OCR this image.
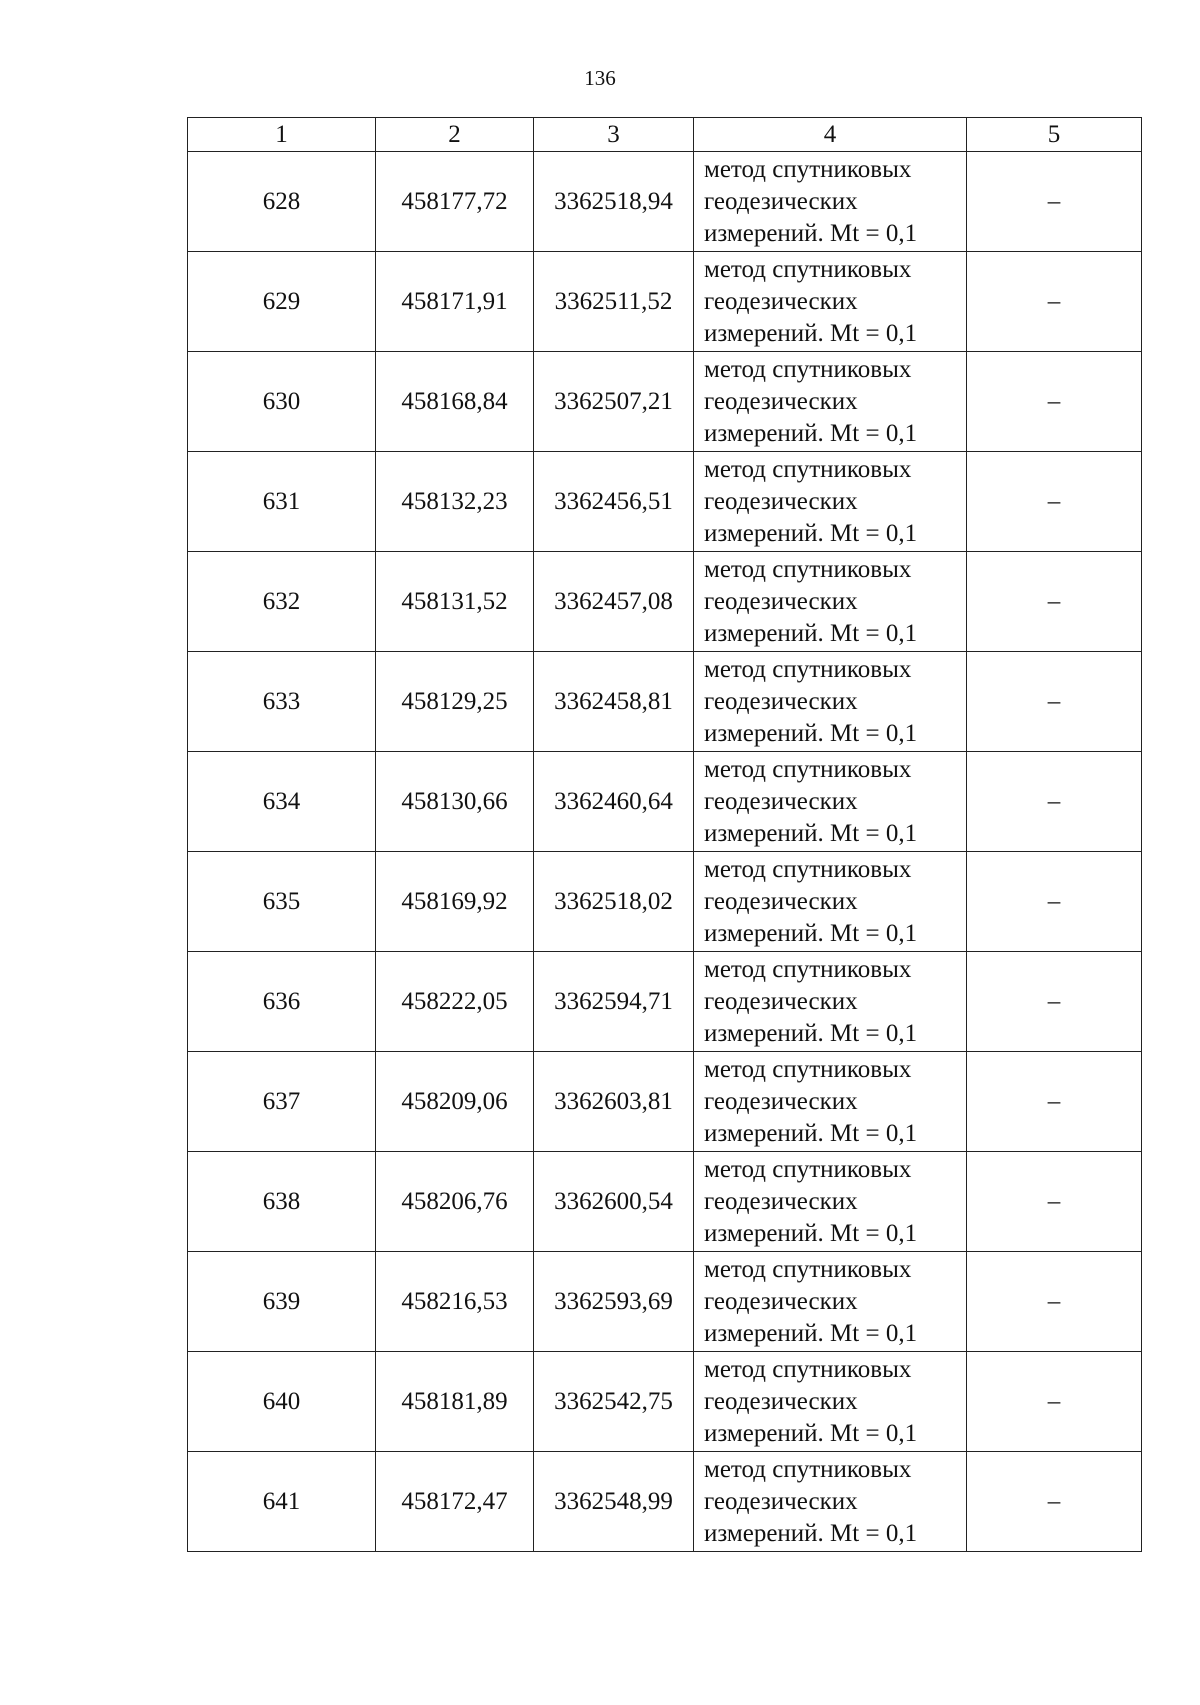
136
1	2	3	4	5
628	458177,72	3362518,94	метод спутниковых
геодезических
измерений. Mt = 0,1	–
629	458171,91	3362511,52	метод спутниковых
геодезических
измерений. Mt = 0,1	–
630	458168,84	3362507,21	метод спутниковых
геодезических
измерений. Mt = 0,1	–
631	458132,23	3362456,51	метод спутниковых
геодезических
измерений. Mt = 0,1	–
632	458131,52	3362457,08	метод спутниковых
геодезических
измерений. Mt = 0,1	–
633	458129,25	3362458,81	метод спутниковых
геодезических
измерений. Mt = 0,1	–
634	458130,66	3362460,64	метод спутниковых
геодезических
измерений. Mt = 0,1	–
635	458169,92	3362518,02	метод спутниковых
геодезических
измерений. Mt = 0,1	–
636	458222,05	3362594,71	метод спутниковых
геодезических
измерений. Mt = 0,1	–
637	458209,06	3362603,81	метод спутниковых
геодезических
измерений. Mt = 0,1	–
638	458206,76	3362600,54	метод спутниковых
геодезических
измерений. Mt = 0,1	–
639	458216,53	3362593,69	метод спутниковых
геодезических
измерений. Mt = 0,1	–
640	458181,89	3362542,75	метод спутниковых
геодезических
измерений. Mt = 0,1	–
641	458172,47	3362548,99	метод спутниковых
геодезических
измерений. Mt = 0,1	–
